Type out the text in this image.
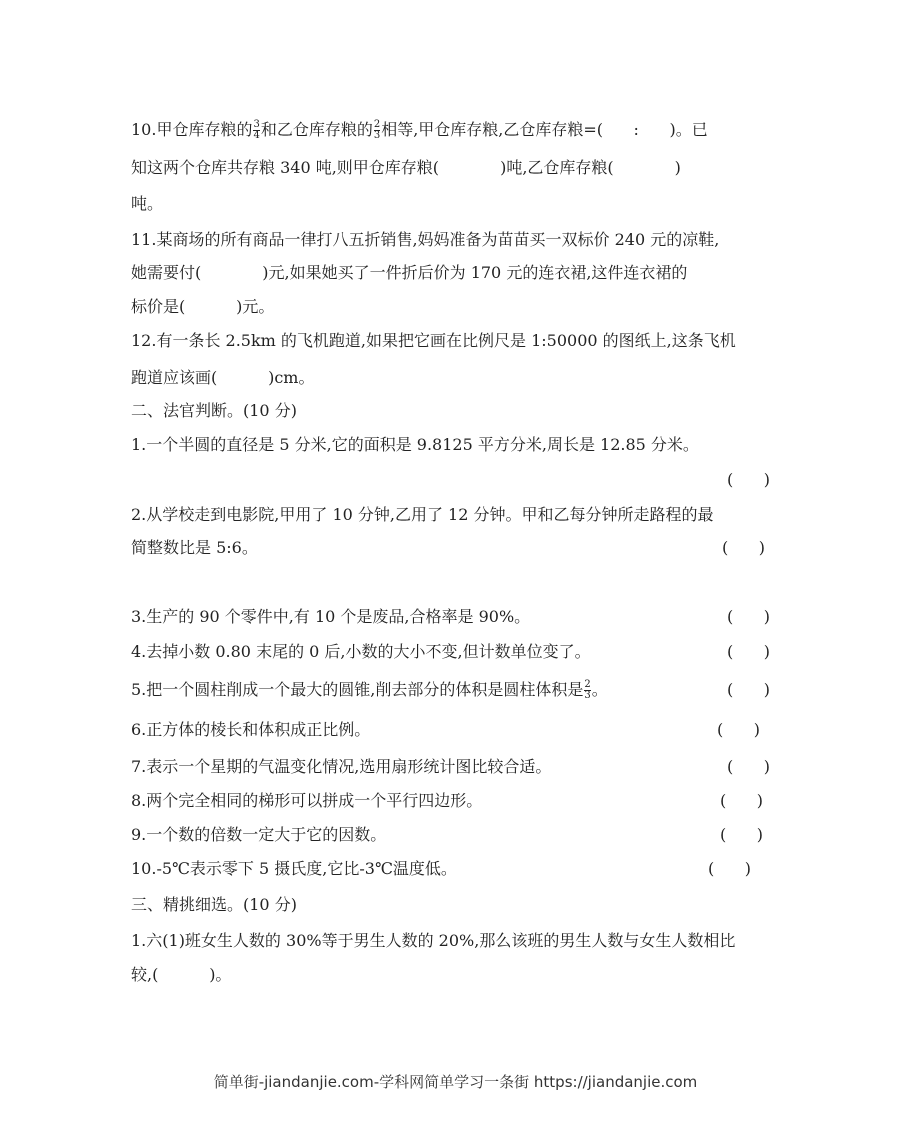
10.甲仓库存粮的 $\frac{3}{4}$ 和乙仓库存粮的 $\frac{2}{3}$ 相等,甲仓库存粮,乙仓库存粮=(      :      )。已
知这两个仓库共存粮 340 吨,则甲仓库存粮(            )吨,乙仓库存粮(            )
吨。
11.某商场的所有商品一律打八五折销售,妈妈准备为苗苗买一双标价 240 元的凉鞋,
她需要付(            )元,如果她买了一件折后价为 170 元的连衣裙,这件连衣裙的
标价是(          )元。
12.有一条长 2.5km 的飞机跑道,如果把它画在比例尺是 1:50000 的图纸上,这条飞机
跑道应该画(          )cm。
二、法官判断。(10 分)
1.一个半圆的直径是 5 分米,它的面积是 9.8125 平方分米,周长是 12.85 分米。
(      )
2.从学校走到电影院,甲用了 10 分钟,乙用了 12 分钟。甲和乙每分钟所走路程的最
简整数比是 5:6。	(      )
3.生产的 90 个零件中,有 10 个是废品,合格率是 90%。	(      )
4.去掉小数 0.80 末尾的 0 后,小数的大小不变,但计数单位变了。	(      )
5.把一个圆柱削成一个最大的圆锥,削去部分的体积是圆柱体积是 $\frac{2}{3}$ 。	(      )
6.正方体的棱长和体积成正比例。	(      )
7.表示一个星期的气温变化情况,选用扇形统计图比较合适。	(      )
8.两个完全相同的梯形可以拼成一个平行四边形。	(      )
9.一个数的倍数一定大于它的因数。	(      )
10.-5℃表示零下 5 摄氏度,它比-3℃温度低。	(      )
三、精挑细选。(10 分)
1.六(1)班女生人数的 30%等于男生人数的 20%,那么该班的男生人数与女生人数相比
较,(          )。
简单街-jiandanjie.com-学科网简单学习一条街 https://jiandanjie.com
